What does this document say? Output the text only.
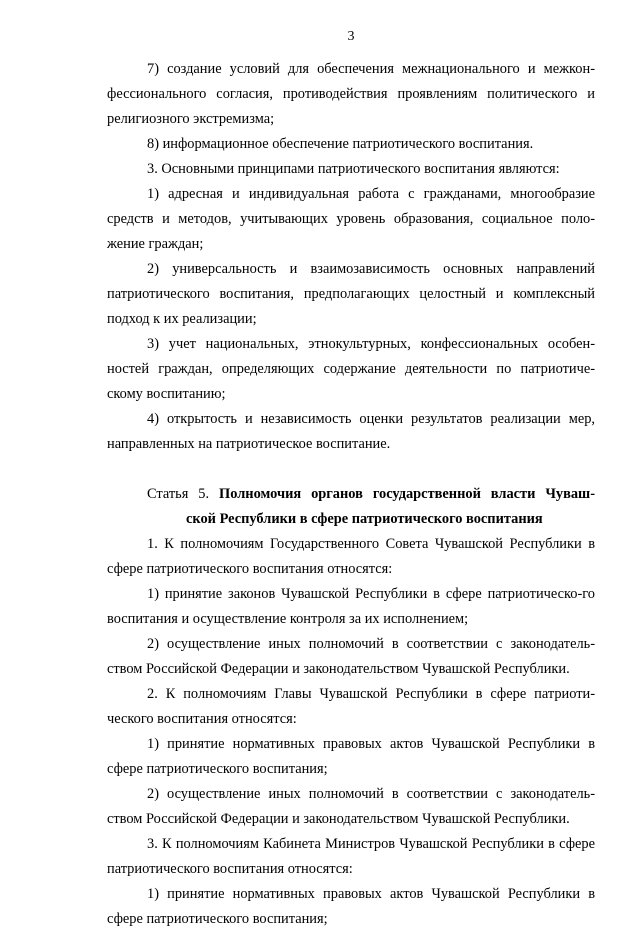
3

7) создание условий для обеспечения межнационального и межкон-фессионального согласия, противодействия проявлениям политического и религиозного экстремизма;

8) информационное обеспечение патриотического воспитания.

3. Основными принципами патриотического воспитания являются:

1) адресная и индивидуальная работа с гражданами, многообразие средств и методов, учитывающих уровень образования, социальное поло-жение граждан;

2) универсальность и взаимозависимость основных направлений патриотического воспитания, предполагающих целостный и комплексный подход к их реализации;

3) учет национальных, этнокультурных, конфессиональных особен-ностей граждан, определяющих содержание деятельности по патриотиче-скому воспитанию;

4) открытость и независимость оценки результатов реализации мер, направленных на патриотическое воспитание.

Статья 5. Полномочия органов государственной власти Чуваш-
ской Республики в сфере патриотического воспитания

1. К полномочиям Государственного Совета Чувашской Республики в сфере патриотического воспитания относятся:

1) принятие законов Чувашской Республики в сфере патриотическо-го воспитания и осуществление контроля за их исполнением;

2) осуществление иных полномочий в соответствии с законодатель-ством Российской Федерации и законодательством Чувашской Республики.

2. К полномочиям Главы Чувашской Республики в сфере патриоти-ческого воспитания относятся:

1) принятие нормативных правовых актов Чувашской Республики в сфере патриотического воспитания;

2) осуществление иных полномочий в соответствии с законодатель-ством Российской Федерации и законодательством Чувашской Республики.

3. К полномочиям Кабинета Министров Чувашской Республики в сфере патриотического воспитания относятся:

1) принятие нормативных правовых актов Чувашской Республики в сфере патриотического воспитания;
